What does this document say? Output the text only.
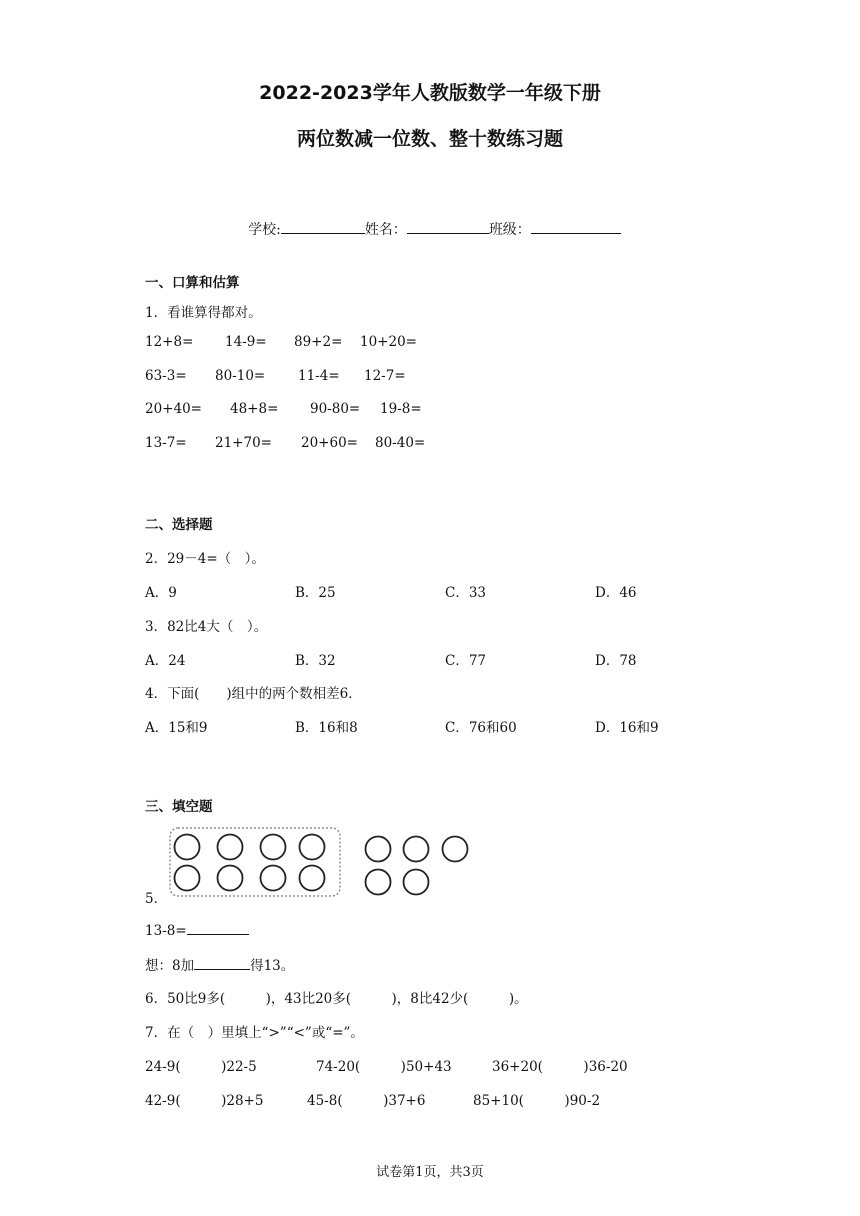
2022-2023学年人教版数学一年级下册
两位数减一位数、整十数练习题

学校:	姓名：	班级：

一、口算和估算
1．看谁算得都对。
12+8= 14-9= 89+2= 10+20=
63-3= 80-10= 11-4= 12-7=
20+40= 48+8= 90-80= 19-8=
13-7= 21+70= 20+60= 80-40=
二、选择题
2．29－4=（　）。
A．9	B．25	C．33	D．46
3．82比4大（　）。
A．24	B．32	C．77	D．78
4．下面(　　)组中的两个数相差6．
A．15和9	B．16和8	C．76和60	D．16和9
三、填空题
5．
13-8=
想：8加	得13。
6．50比9多(　　　)，43比20多(　　　)，8比42少(　　　)。
7．在（　）里填上“>”“<”或“=”。
24-9(　　　)22-5	74-20(　　　)50+43	36+20(　　　)36-20
42-9(　　　)28+5	45-8(　　　)37+6	85+10(　　　)90-2
试卷第1页，共3页
